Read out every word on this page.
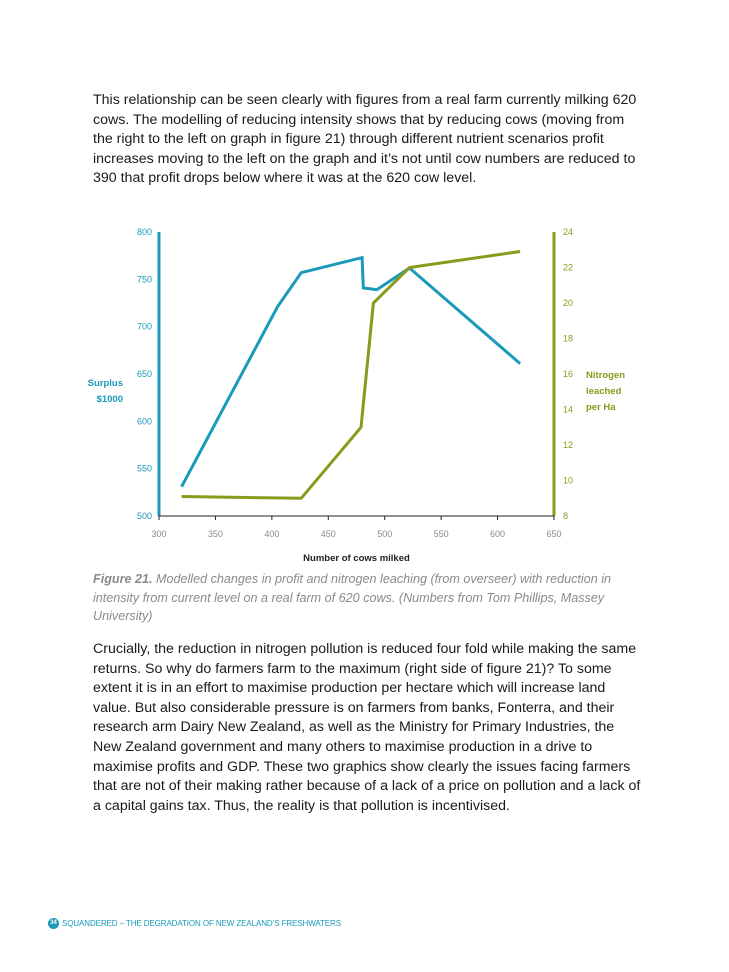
This relationship can be seen clearly with figures from a real farm currently milking 620 cows. The modelling of reducing intensity shows that by reducing cows (moving from the right to the left on graph in figure 21) through different nutrient scenarios profit increases moving to the left on the graph and it’s not until cow numbers are reduced to 390 that profit drops below where it was at the 620 cow level.

300	350	400	450	500	550	600	650
500
550
600
650
700
750
800
8
10
12
14
16
18
20
22
24
Number of cows milked
Surplus
$1000
Nitrogen
leached
per Ha

Figure 21. Modelled changes in profit and nitrogen leaching (from overseer) with reduction in intensity from current level on a real farm of 620 cows. (Numbers from Tom Phillips, Massey University)

Crucially, the reduction in nitrogen pollution is reduced four fold while making the same returns. So why do farmers farm to the maximum (right side of figure 21)? To some extent it is in an effort to maximise production per hectare which will increase land value. But also considerable pressure is on farmers from banks, Fonterra, and their research arm Dairy New Zealand, as well as the Ministry for Primary Industries, the New Zealand government and many others to maximise production in a drive to maximise profits and GDP. These two graphics show clearly the issues facing farmers that are not of their making rather because of a lack of a price on pollution and a lack of a capital gains tax. Thus, the reality is that pollution is incentivised.

34 SQUANDERED – THE DEGRADATION OF NEW ZEALAND’S FRESHWATERS
